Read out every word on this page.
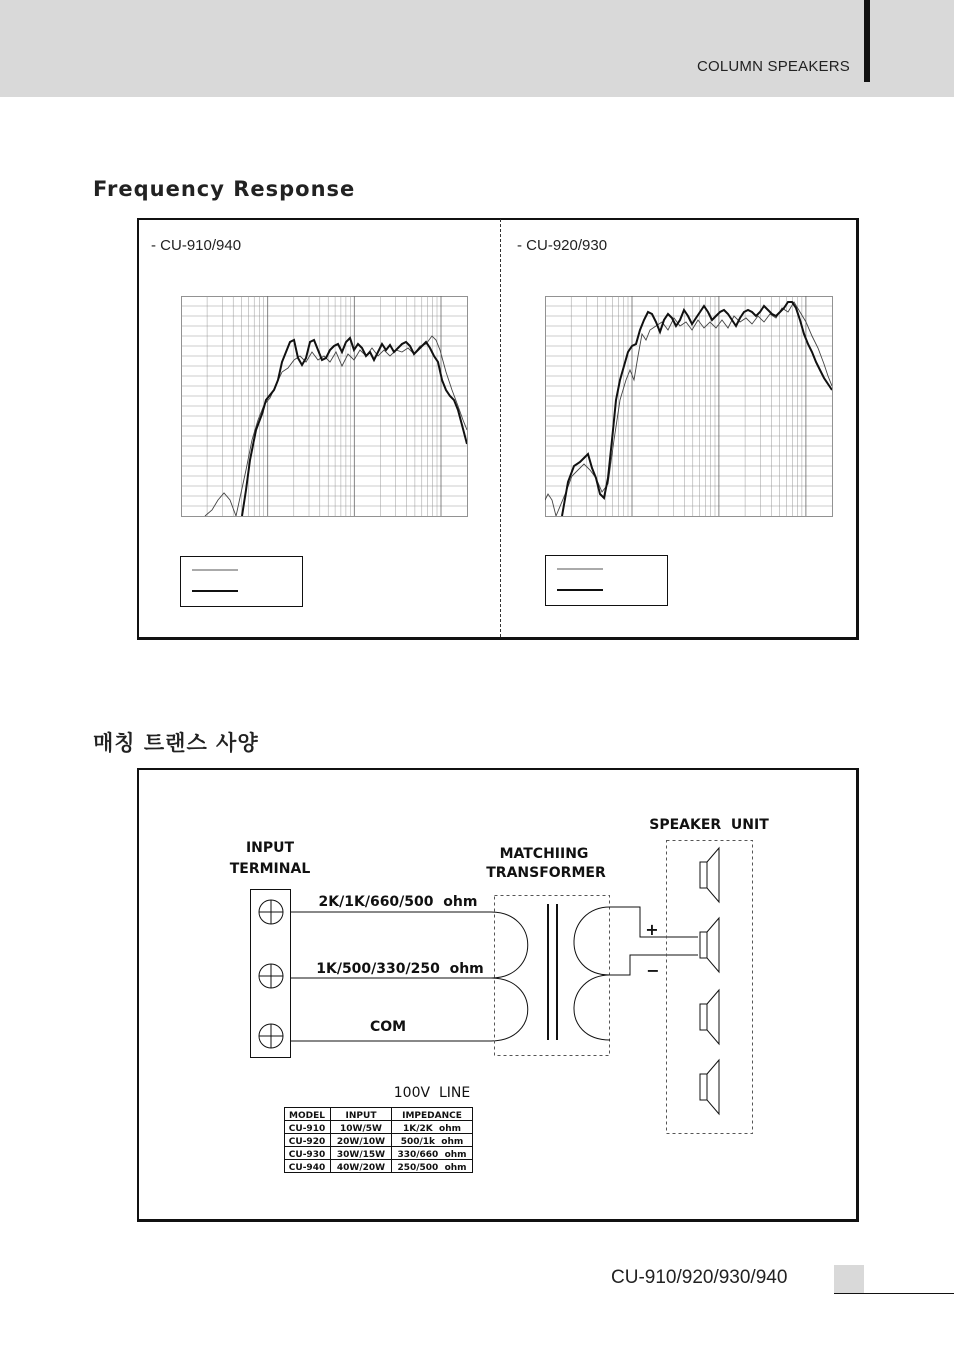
COLUMN SPEAKERS
Frequency Response
- CU-910/940	- CU-920/930
매칭 트랜스 사양
INPUT
TERMINAL
MATCHIING
TRANSFORMER
SPEAKER  UNIT
2K/1K/660/500  ohm
1K/500/330/250  ohm
COM
+
−
100V  LINE
MODEL INPUT	IMPEDANCE
CU-910 10W/5W 1K/2K  ohm
CU-920 20W/10W 500/1k  ohm
CU-930 30W/15W 330/660  ohm
CU-940 40W/20W 250/500  ohm
CU-910/920/930/940
